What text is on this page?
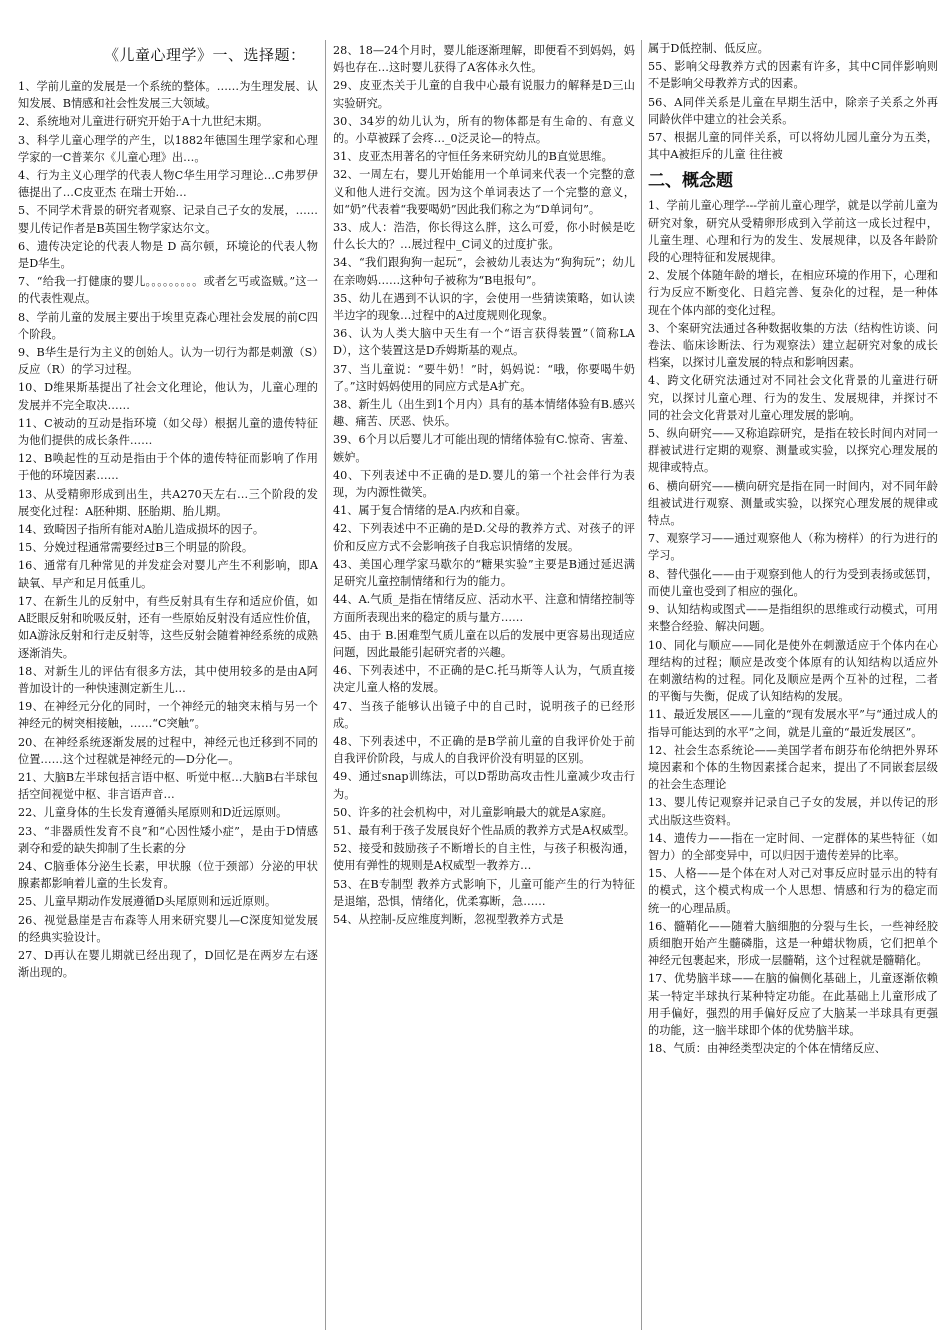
《儿童心理学》一、选择题：

1、学前儿童的发展是一个系统的整体。……为生理发展、认知发展、B情感和社会性发展三大领域。

2、系统地对儿童进行研究开始于A十九世纪末期。

3、科学儿童心理学的产生，以1882年德国生理学家和心理学家的一C普莱尔《儿童心理》出…。

4、行为主义心理学的代表人物C华生用学习理论…C弗罗伊德提出了…C皮亚杰 在瑞士开始…

5、不同学术背景的研究者观察、记录自己子女的发展，……婴儿传记作者是B英国生物学家达尔文。

6、遗传决定论的代表人物是 D 高尔顿，环境论的代表人物是D华生。

7、“给我一打健康的婴儿。。。。。。。。。或者乞丐或盗贼。”这一的代表性观点。

8、学前儿童的发展主要出于埃里克森心理社会发展的前C四个阶段。

9、B华生是行为主义的创始人。认为一切行为都是刺激（S）反应（R）的学习过程。

10、D维果斯基提出了社会文化理论，他认为，儿童心理的发展并不完全取决……

11、C被动的互动是指环境（如父母）根据儿童的遗传特征为他们提供的成长条件……

12、B唤起性的互动是指由于个体的遗传特征而影响了作用于他的环境因素……

13、从受精卵形成到出生，共A270天左右…三个阶段的发展变化过程：A胚种期、胚胎期、胎儿期。

14、致畸因子指所有能对A胎儿造成损坏的因子。

15、分娩过程通常需要经过B三个明显的阶段。

16、通常有几种常见的并发症会对婴儿产生不利影响，即A缺氧、早产和足月低重儿。

17、在新生儿的反射中，有些反射具有生存和适应价值，如A眨眼反射和吮吸反射，还有一些原始反射没有适应性价值，如A游泳反射和行走反射等，这些反射会随着神经系统的成熟逐渐消失。

18、对新生儿的评估有很多方法，其中使用较多的是由A阿普加设计的一种快速测定新生儿…

19、在神经元分化的同时，一个神经元的轴突末梢与另一个神经元的树突相接触，……“C突触”。

20、在神经系统逐渐发展的过程中，神经元也迁移到不同的位置……这个过程就是神经元的—D分化—。

21、大脑B左半球包括言语中枢、听觉中枢…大脑B右半球包括空间视觉中枢、非言语声音…

22、儿童身体的生长发育遵循头尾原则和D近远原则。

23、“非器质性发育不良”和“心因性矮小症”，是由于D情感剥夺和爱的缺失抑制了生长素的分

24、C脑垂体分泌生长素，甲状腺（位于颈部）分泌的甲状腺素都影响着儿童的生长发育。

25、儿童早期动作发展遵循D头尾原则和远近原则。

26、视觉悬崖是吉布森等人用来研究婴儿—C深度知觉发展的经典实验设计。

27、D再认在婴儿期就已经出现了，D回忆是在两岁左右逐渐出现的。

28、18—24个月时，婴儿能逐渐理解，即便看不到妈妈，妈妈也存在…这时婴儿获得了A客体永久性。

29、皮亚杰关于儿童的自我中心最有说服力的解释是D三山实验研究。

30、34岁的幼儿认为，所有的物体都是有生命的、有意义的。小草被踩了会疼…_0泛灵论—的特点。

31、皮亚杰用著名的守恒任务来研究幼儿的B直觉思维。

32、一周左右，婴儿开始能用一个单词来代表一个完整的意义和他人进行交流。因为这个单词表达了一个完整的意义，如“奶”代表着“我要喝奶”因此我们称之为“D单词句”。

33、成人：浩浩，你长得这么胖，这么可爱，你小时候是吃什么长大的？…展过程中_C词义的过度扩张。

34、“我们跟狗狗一起玩”，会被幼儿表达为“狗狗玩”；幼儿在亲吻妈……这种句子被称为“B电报句”。

35、幼儿在遇到不认识的字，会使用一些猜读策略，如认读半边字的现象…过程中的A过度规则化现象。

36、认为人类大脑中天生有一个“语言获得装置”（简称LAD），这个装置这是D乔姆斯基的观点。

37、当儿童说：“要牛奶！”时，妈妈说：“哦，你要喝牛奶了。”这时妈妈使用的同应方式是A扩充。

38、新生儿（出生到1个月内）具有的基本情绪体验有B.感兴趣、痛苦、厌恶、快乐。

39、6个月以后婴儿才可能出现的情绪体验有C.惊奇、害羞、嫉妒。

40、下列表述中不正确的是D.婴儿的第一个社会伴行为表现，为内源性微笑。

41、属于复合情绪的是A.内疚和自豪。

42、下列表述中不正确的是D.父母的教养方式、对孩子的评价和反应方式不会影响孩子自我忘识情绪的发展。

43、美国心理学家马歇尔的“糖果实验”主要是B通过延迟满足研究儿童控制情绪和行为的能力。

44、A.气质_是指在情绪反应、活动水平、注意和情绪控制等方面所表现出来的稳定的质与量方……

45、由于 B.困难型气质儿童在以后的发展中更容易出现适应问题，因此最能引起研究者的兴趣。

46、下列表述中，不正确的是C.托马斯等人认为，气质直接决定儿童人格的发展。

47、当孩子能够认出镜子中的自己时，说明孩子的已经形成。

48、下列表述中，不正确的是B学前儿童的自我评价处于前自我评价阶段，与成人的自我评价没有明显的区别。

49、通过snap训练法，可以D帮助高攻击性儿童减少攻击行为。

50、许多的社会机构中，对儿童影响最大的就是A家庭。

51、最有利于孩子发展良好个性品质的教养方式是A权威型。

52、接受和鼓励孩子不断增长的自主性，与孩子积极沟通，使用有弹性的规则是A权威型一教养方…

53、在B专制型 教养方式影响下，儿童可能产生的行为特征是退缩，恐惧，情绪化，优柔寡断，急……

54、从控制-反应维度判断，忽视型教养方式是

属于D低控制、低反应。

55、影响父母教养方式的因素有许多，其中C同伴影响则不是影响父母教养方式的因素。

56、A同伴关系是儿童在早期生活中，除亲子关系之外再同龄伙伴中建立的社会关系。

57、根据儿童的同伴关系，可以将幼儿园儿童分为五类，其中A被拒斥的儿童 往往被

二、概念题

1、学前儿童心理学---学前儿童心理学，就是以学前儿童为研究对象，研究从受精卵形成到入学前这一成长过程中，儿童生理、心理和行为的发生、发展规律，以及各年龄阶段的心理特征和发展规律。

2、发展个体随年龄的增长，在相应环境的作用下，心理和行为反应不断变化、日趋完善、复杂化的过程，是一种体现在个体内部的变化过程。

3、个案研究法通过各种数据收集的方法（结构性访谈、问卷法、临床诊断法、行为观察法）建立起研究对象的成长档案，以探讨儿童发展的特点和影响因素。

4、跨文化研究法通过对不同社会文化背景的儿童进行研究，以探讨儿童心理、行为的发生、发展规律，并探讨不同的社会文化背景对儿童心理发展的影响。

5、纵向研究——又称追踪研究，是指在较长时间内对同一群被试进行定期的观察、测量或实验，以探究心理发展的规律或特点。

6、横向研究——横向研究是指在同一时间内，对不同年龄组被试进行观察、测量或实验，以探究心理发展的规律或特点。

7、观察学习——通过观察他人（称为榜样）的行为进行的学习。

8、替代强化——由于观察到他人的行为受到表扬或惩罚，而使儿童也受到了相应的强化。

9、认知结构或图式——是指组织的思维或行动模式，可用来整合经验、解决问题。

10、同化与顺应——同化是使外在刺激适应于个体内在心理结构的过程；顺应是改变个体原有的认知结构以适应外在刺激结构的过程。同化及顺应是两个互补的过程，二者的平衡与失衡，促成了认知结构的发展。

11、最近发展区——儿童的“现有发展水平”与“通过成人的指导可能达到的水平”之间，就是儿童的“最近发展区”。

12、社会生态系统论——美国学者布朗芬布伦纳把外界环境因素和个体的生物因素揉合起来，提出了不同嵌套层级的社会生态理论

13、婴儿传记观察并记录自己子女的发展，并以传记的形式出版这些资料。

14、遗传力——指在一定时间、一定群体的某些特征（如智力）的全部变异中，可以归因于遗传差异的比率。

15、人格——是个体在对人对己对事反应时显示出的特有的模式，这个模式构成一个人思想、情感和行为的稳定而统一的心理品质。

16、髓鞘化——随着大脑细胞的分裂与生长，一些神经胶质细胞开始产生髓磷脂，这是一种蜡状物质，它们把单个神经元包裹起来，形成一层髓鞘，这个过程就是髓鞘化。

17、优势脑半球——在脑的偏侧化基础上，儿童逐渐依赖某一特定半球执行某种特定功能。在此基础上儿童形成了用手偏好，强烈的用手偏好反应了大脑某一半球具有更强的功能，这一脑半球即个体的优势脑半球。

18、气质：由神经类型决定的个体在情绪反应、
